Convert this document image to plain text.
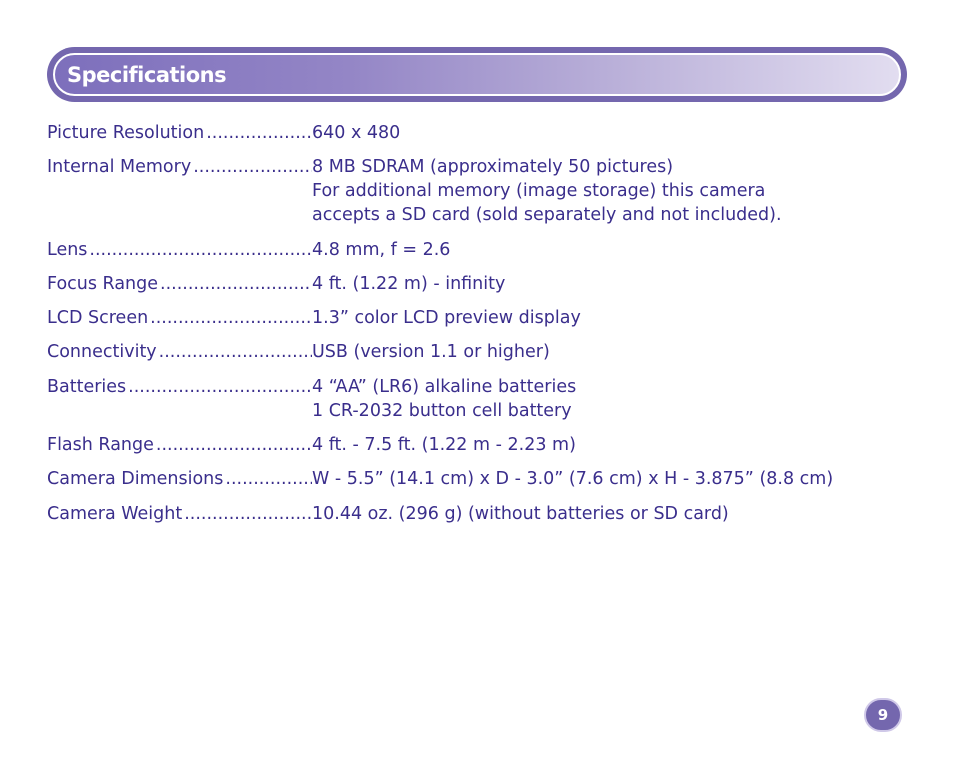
Specifications
Picture Resolution .....	640 x 480
Internal Memory .....	8 MB SDRAM (approximately 50 pictures)
For additional memory (image storage) this camera
accepts a SD card (sold separately and not included).
Lens .....	4.8 mm, f = 2.6
Focus Range .....	4 ft. (1.22 m) - infinity
LCD Screen .....	1.3” color LCD preview display
Connectivity .....	USB (version 1.1 or higher)
Batteries .....	4 “AA” (LR6) alkaline batteries
1 CR-2032 button cell battery
Flash Range .....	4 ft. - 7.5 ft. (1.22 m - 2.23 m)
Camera Dimensions .....	W - 5.5” (14.1 cm) x D - 3.0” (7.6 cm) x H - 3.875” (8.8 cm)
Camera Weight .....	10.44 oz. (296 g) (without batteries or SD card)
9
